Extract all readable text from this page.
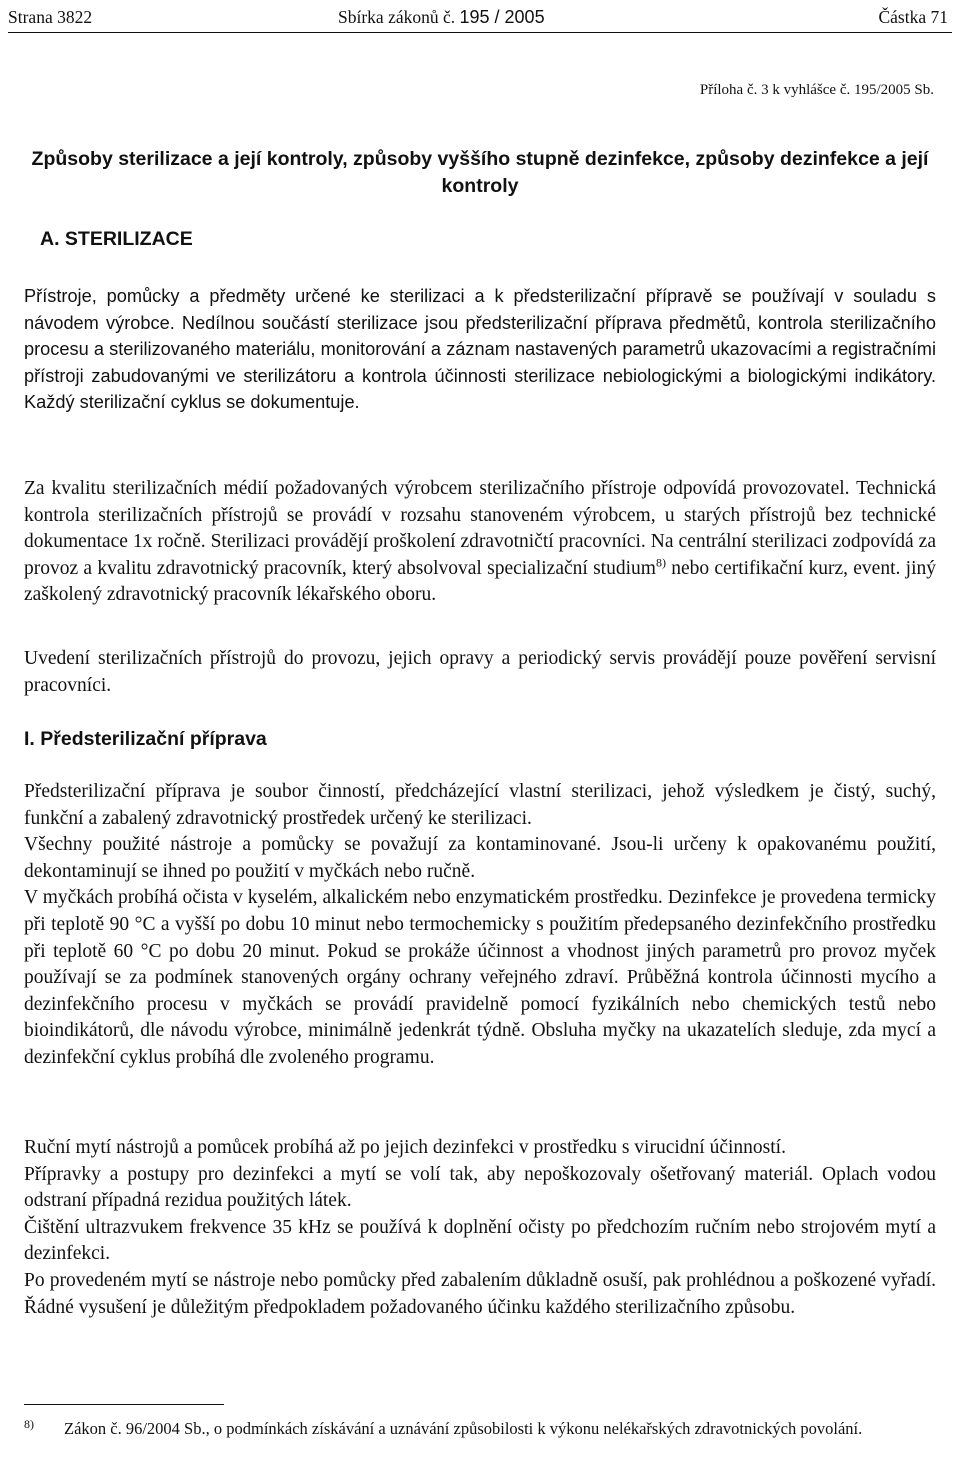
Strana 3822	Sbírka zákonů č. 195 / 2005	Částka 71
Příloha č. 3 k vyhlášce č. 195/2005 Sb.
Způsoby sterilizace a její kontroly, způsoby vyššího stupně dezinfekce, způsoby dezinfekce a její kontroly
A. STERILIZACE

Přístroje, pomůcky a předměty určené ke sterilizaci a k předsterilizační přípravě se používají v souladu s návodem výrobce. Nedílnou součástí sterilizace jsou předsterilizační příprava předmětů, kontrola sterilizačního procesu a sterilizovaného materiálu, monitorování a záznam nastavených parametrů ukazovacími a registračními přístroji zabudovanými ve sterilizátoru a kontrola účinnosti sterilizace nebiologickými a biologickými indikátory. Každý sterilizační cyklus se dokumentuje.

Za kvalitu sterilizačních médií požadovaných výrobcem sterilizačního přístroje odpovídá provozovatel. Technická kontrola sterilizačních přístrojů se provádí v rozsahu stanoveném výrobcem, u starých přístrojů bez technické dokumentace 1x ročně. Sterilizaci provádějí proškolení zdravotničtí pracovníci. Na centrální sterilizaci zodpovídá za provoz a kvalitu zdravotnický pracovník, který absolvoval specializační studium$^{8)}$ nebo certifikační kurz, event. jiný zaškolený zdravotnický pracovník lékařského oboru.

Uvedení sterilizačních přístrojů do provozu, jejich opravy a periodický servis provádějí pouze pověření servisní pracovníci.

I. Předsterilizační příprava

Předsterilizační příprava je soubor činností, předcházející vlastní sterilizaci, jehož výsledkem je čistý, suchý, funkční a zabalený zdravotnický prostředek určený ke sterilizaci.

Všechny použité nástroje a pomůcky se považují za kontaminované. Jsou-li určeny k opakovanému použití, dekontaminují se ihned po použití v myčkách nebo ručně.

V myčkách probíhá očista v kyselém, alkalickém nebo enzymatickém prostředku. Dezinfekce je provedena termicky při teplotě 90 °C a vyšší po dobu 10 minut nebo termochemicky s použitím předepsaného dezinfekčního prostředku při teplotě 60 °C po dobu 20 minut. Pokud se prokáže účinnost a vhodnost jiných parametrů pro provoz myček používají se za podmínek stanovených orgány ochrany veřejného zdraví. Průběžná kontrola účinnosti mycího a dezinfekčního procesu v myčkách se provádí pravidelně pomocí fyzikálních nebo chemických testů nebo bioindikátorů, dle návodu výrobce, minimálně jedenkrát týdně. Obsluha myčky na ukazatelích sleduje, zda mycí a dezinfekční cyklus probíhá dle zvoleného programu.

Ruční mytí nástrojů a pomůcek probíhá až po jejich dezinfekci v prostředku s virucidní účinností.

Přípravky a postupy pro dezinfekci a mytí se volí tak, aby nepoškozovaly ošetřovaný materiál. Oplach vodou odstraní případná rezidua použitých látek.

Čištění ultrazvukem frekvence 35 kHz se používá k doplnění očisty po předchozím ručním nebo strojovém mytí a dezinfekci.

Po provedeném mytí se nástroje nebo pomůcky před zabalením důkladně osuší, pak prohlédnou a poškozené vyřadí. Řádné vysušení je důležitým předpokladem požadovaného účinku každého sterilizačního způsobu.

8) Zákon č. 96/2004 Sb., o podmínkách získávání a uznávání způsobilosti k výkonu nelékařských zdravotnických povolání.
